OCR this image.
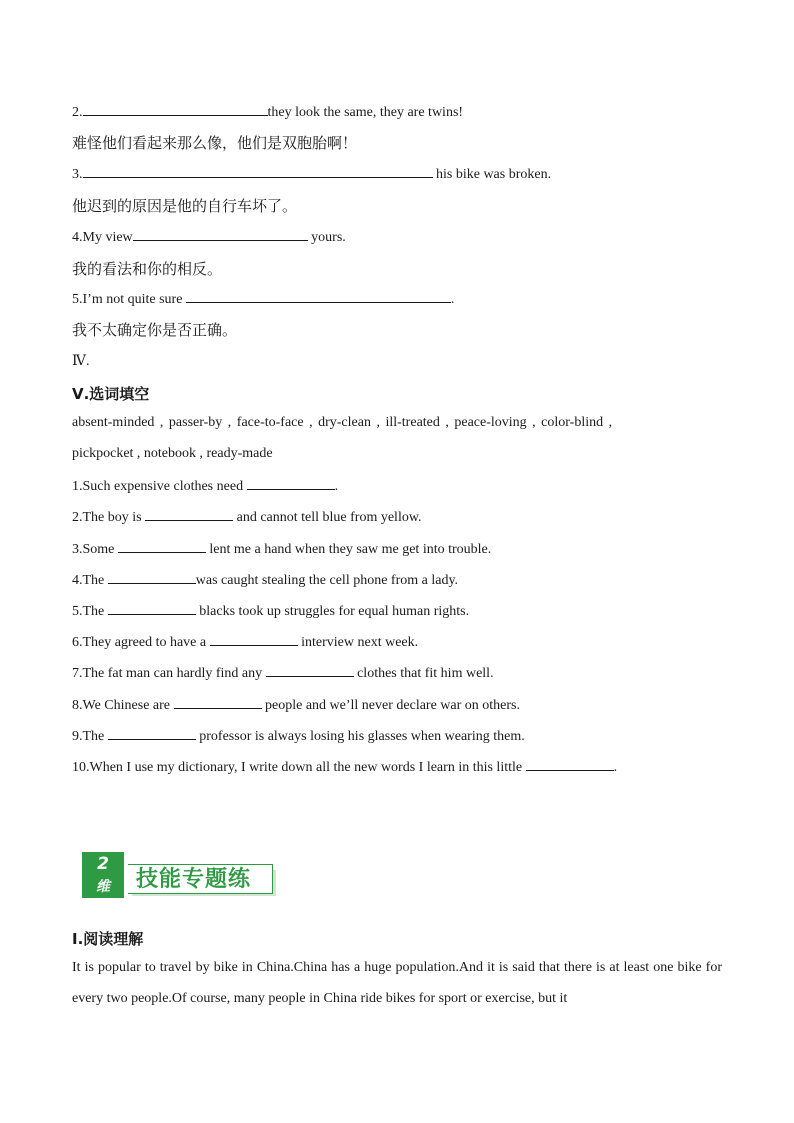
2.	they look the same, they are twins!
难怪他们看起来那么像，他们是双胞胎啊！
3.	his bike was broken.
他迟到的原因是他的自行车坏了。
4.My view	yours.
我的看法和你的相反。
5.I’m not quite sure	.
我不太确定你是否正确。
Ⅳ.
Ⅴ.选词填空
absent-minded , passer-by , face-to-face , dry-clean , ill-treated , peace-loving , color-blind ,
pickpocket , notebook , ready-made
1.Such expensive clothes need	.
2.The boy is	and cannot tell blue from yellow.
3.Some	lent me a hand when they saw me get into trouble.
4.The	was caught stealing the cell phone from a lady.
5.The	blacks took up struggles for equal human rights.
6.They agreed to have a	interview next week.
7.The fat man can hardly find any	clothes that fit him well.
8.We Chinese are	people and we’ll never declare war on others.
9.The	professor is always losing his glasses when wearing them.
10.When I use my dictionary, I write down all the new words I learn in this little	.
2
维	技能专题练
Ⅰ.阅读理解
It is popular to travel by bike in China.China has a huge population.And it is said that there is at least one bike for every two people.Of course, many people in China ride bikes for sport or exercise, but it
